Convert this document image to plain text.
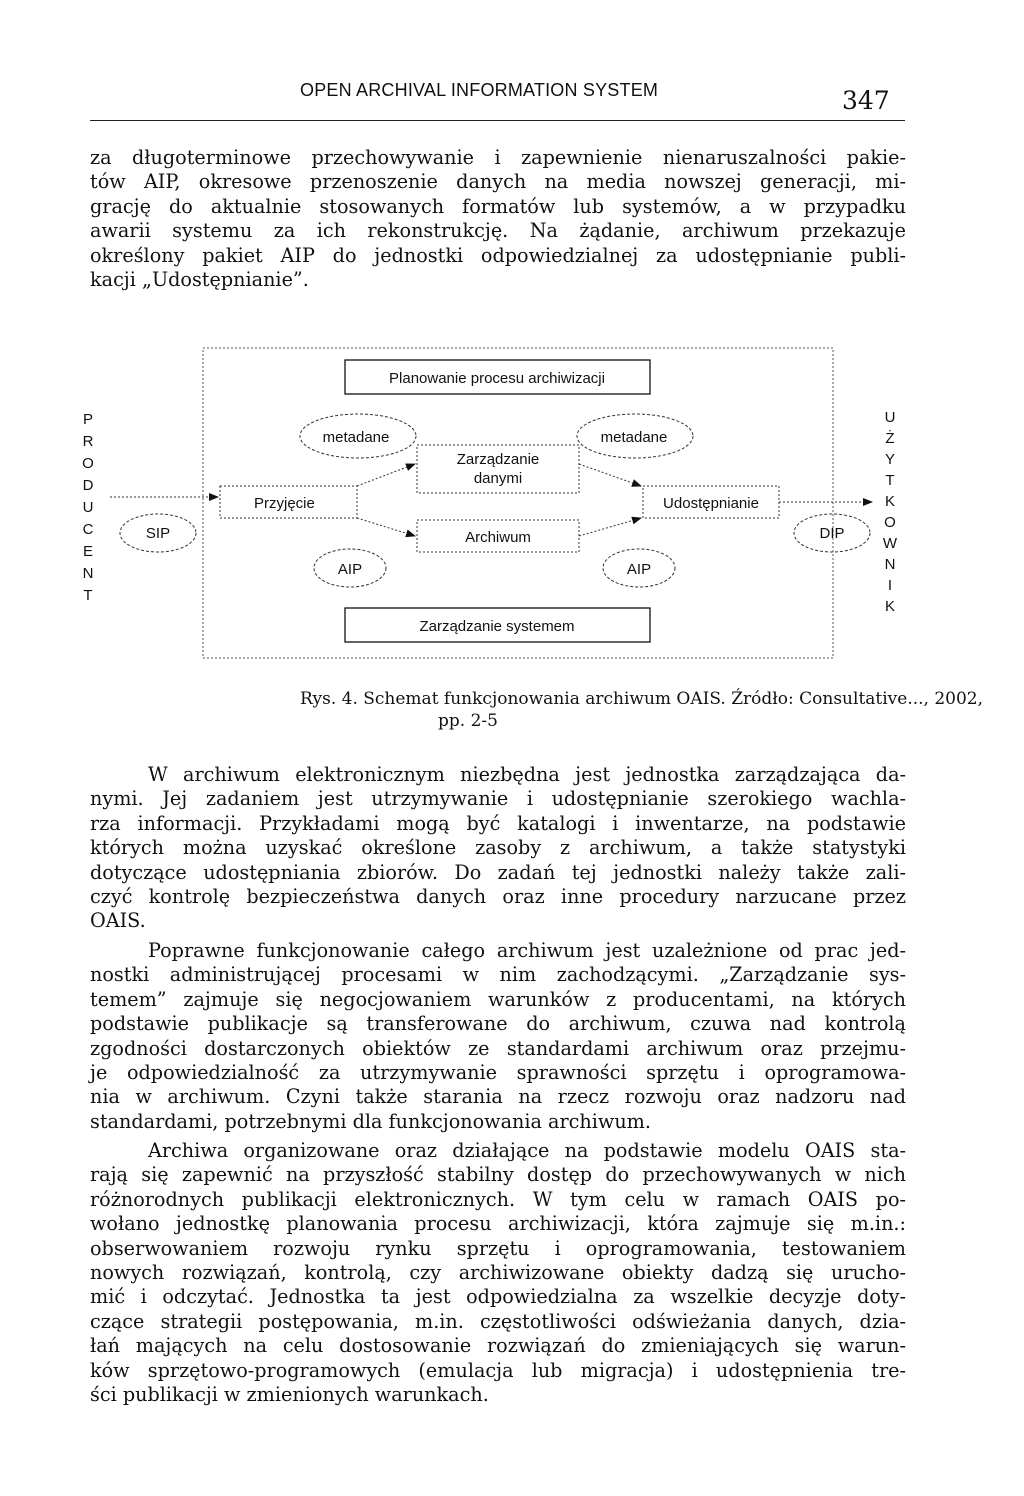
OPEN ARCHIVAL INFORMATION SYSTEM	347
za długoterminowe przechowywanie i zapewnienie nienaruszalności pakie-
tów AIP, okresowe przenoszenie danych na media nowszej generacji, mi-
grację do aktualnie stosowanych formatów lub systemów, a w przypadku
awarii systemu za ich rekonstrukcję. Na żądanie, archiwum przekazuje
określony pakiet AIP do jednostki odpowiedzialnej za udostępnianie publi-
kacji „Udostępnianie”.
Planowanie procesu archiwizacji
metadane	metadane
Zarządzanie
danymi
Przyjęcie
Archiwum
Udostępnianie
SIP
AIP	AIP
DIP
Zarządzanie systemem
P
R
O
D
U
C
E
N
T
U
Ż
Y
T
K
O
W
N
I
K
Rys. 4. Schemat funkcjonowania archiwum OAIS. Źródło: Consultative..., 2002,
pp. 2-5
W archiwum elektronicznym niezbędna jest jednostka zarządzająca da-
nymi. Jej zadaniem jest utrzymywanie i udostępnianie szerokiego wachla-
rza informacji. Przykładami mogą być katalogi i inwentarze, na podstawie
których można uzyskać określone zasoby z archiwum, a także statystyki
dotyczące udostępniania zbiorów. Do zadań tej jednostki należy także zali-
czyć kontrolę bezpieczeństwa danych oraz inne procedury narzucane przez
OAIS.
Poprawne funkcjonowanie całego archiwum jest uzależnione od prac jed-
nostki administrującej procesami w nim zachodzącymi. „Zarządzanie sys-
temem” zajmuje się negocjowaniem warunków z producentami, na których
podstawie publikacje są transferowane do archiwum, czuwa nad kontrolą
zgodności dostarczonych obiektów ze standardami archiwum oraz przejmu-
je odpowiedzialność za utrzymywanie sprawności sprzętu i oprogramowa-
nia w archiwum. Czyni także starania na rzecz rozwoju oraz nadzoru nad
standardami, potrzebnymi dla funkcjonowania archiwum.
Archiwa organizowane oraz działające na podstawie modelu OAIS sta-
rają się zapewnić na przyszłość stabilny dostęp do przechowywanych w nich
różnorodnych publikacji elektronicznych. W tym celu w ramach OAIS po-
wołano jednostkę planowania procesu archiwizacji, która zajmuje się m.in.:
obserwowaniem rozwoju rynku sprzętu i oprogramowania, testowaniem
nowych rozwiązań, kontrolą, czy archiwizowane obiekty dadzą się urucho-
mić i odczytać. Jednostka ta jest odpowiedzialna za wszelkie decyzje doty-
czące strategii postępowania, m.in. częstotliwości odświeżania danych, dzia-
łań mających na celu dostosowanie rozwiązań do zmieniających się warun-
ków sprzętowo-programowych (emulacja lub migracja) i udostępnienia tre-
ści publikacji w zmienionych warunkach.
